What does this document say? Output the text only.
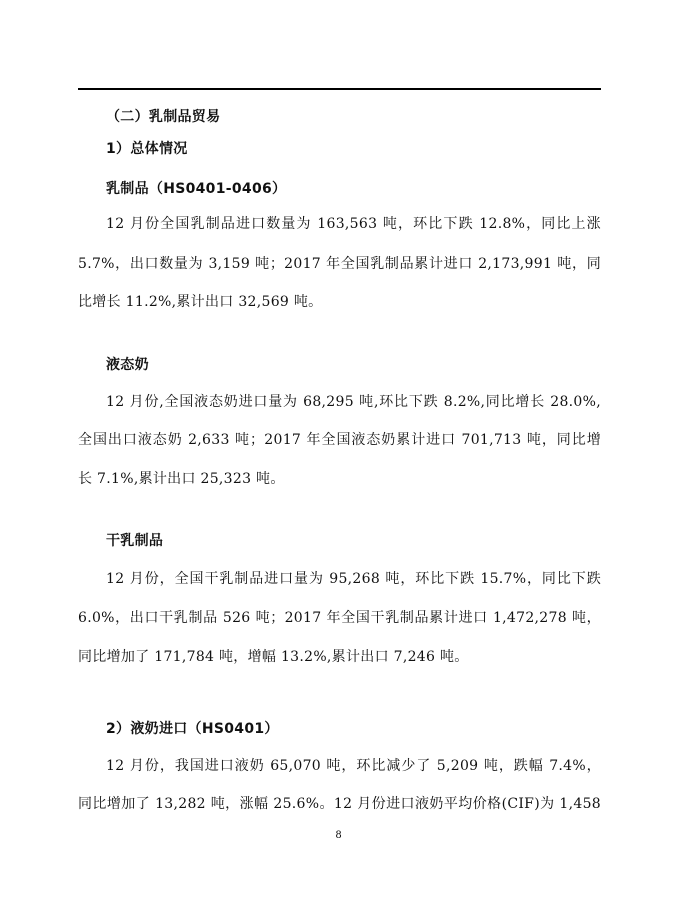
（二）乳制品贸易
1）总体情况
乳制品（HS0401-0406）
12 月份全国乳制品进口数量为 163,563 吨，环比下跌 12.8%，同比上涨
5.7%，出口数量为 3,159 吨；2017 年全国乳制品累计进口 2,173,991 吨，同
比增长 11.2%,累计出口 32,569 吨。
液态奶
12 月份,全国液态奶进口量为 68,295 吨,环比下跌 8.2%,同比增长 28.0%,
全国出口液态奶 2,633 吨；2017 年全国液态奶累计进口 701,713 吨，同比增
长 7.1%,累计出口 25,323 吨。
干乳制品
12 月份，全国干乳制品进口量为 95,268 吨，环比下跌 15.7%，同比下跌
6.0%，出口干乳制品 526 吨；2017 年全国干乳制品累计进口 1,472,278 吨，
同比增加了 171,784 吨，增幅 13.2%,累计出口 7,246 吨。
2）液奶进口（HS0401）
12 月份，我国进口液奶 65,070 吨，环比减少了 5,209 吨，跌幅 7.4%，
同比增加了 13,282 吨，涨幅 25.6%。12 月份进口液奶平均价格(CIF)为 1,458
8
